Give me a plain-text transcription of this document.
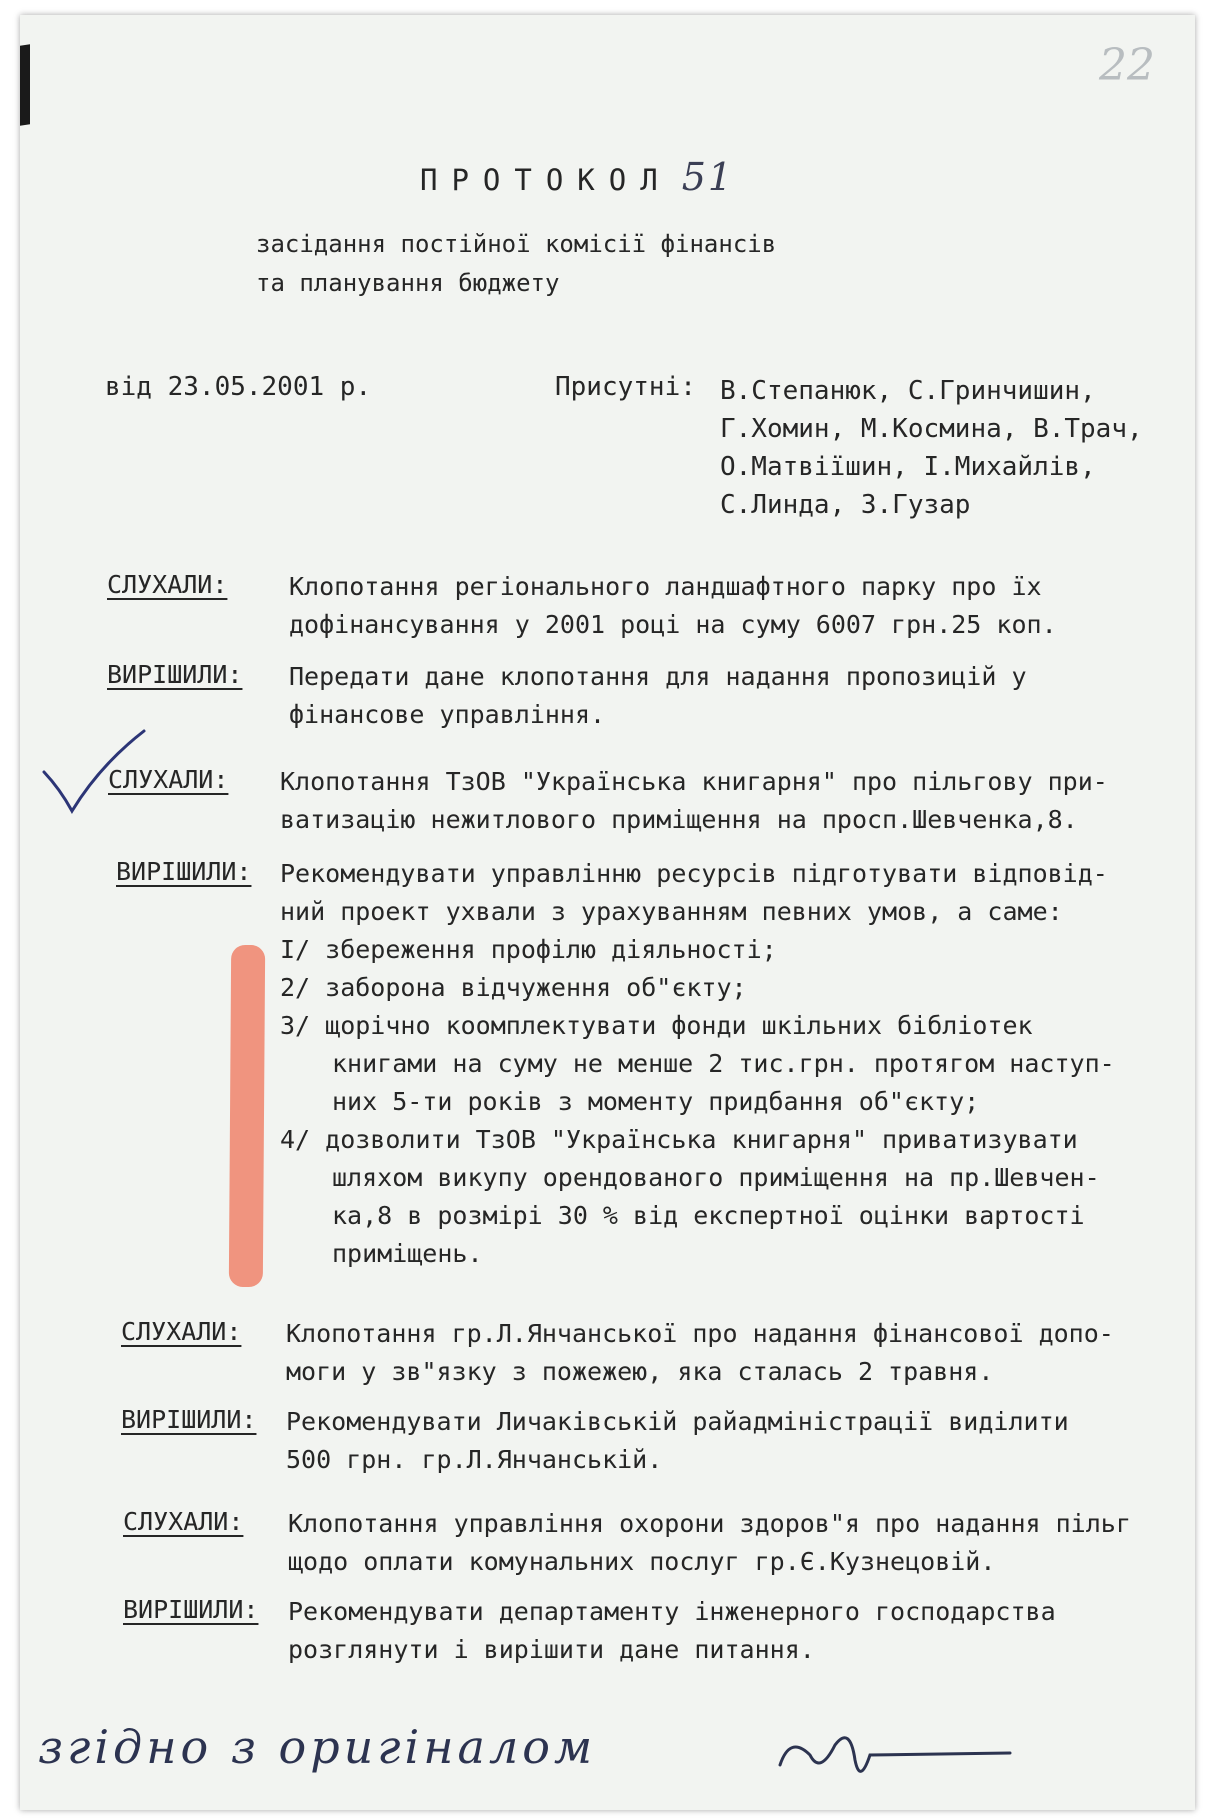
22
ПРОТОКОЛ 51
засідання постійної комісії фінансів
та планування бюджету
від 23.05.2001 р.	Присутні: В.Степанюк, С.Гринчишин,
Г.Хомин, М.Космина, В.Трач,
О.Матвіїшин, І.Михайлів,
С.Линда, З.Гузар
СЛУХАЛИ: Клопотання регіонального ландшафтного парку про їх
дофінансування у 2001 році на суму 6007 грн.25 коп.
ВИРІШИЛИ: Передати дане клопотання для надання пропозицій у
фінансове управління.
СЛУХАЛИ: Клопотання ТзОВ "Українська книгарня" про пільгову при-
ватизацію нежитлового приміщення на просп.Шевченка,8.
ВИРІШИЛИ: Рекомендувати управлінню ресурсів підготувати відповід-
ний проект ухвали з урахуванням певних умов, а саме:
І/ збереження профілю діяльності;
2/ заборона відчуження об"єкту;
3/ щорічно коомплектувати фонди шкільних бібліотек
книгами на суму не менше 2 тис.грн. протягом наступ-
них 5-ти років з моменту придбання об"єкту;
4/ дозволити ТзОВ "Українська книгарня" приватизувати
шляхом викупу орендованого приміщення на пр.Шевчен-
ка,8 в розмірі 30 % від експертної оцінки вартості
приміщень.
СЛУХАЛИ: Клопотання гр.Л.Янчанської про надання фінансової допо-
моги у зв"язку з пожежею, яка сталась 2 травня.
ВИРІШИЛИ: Рекомендувати Личаківській райадміністрації виділити
500 грн. гр.Л.Янчанській.
СЛУХАЛИ: Клопотання управління охорони здоров"я про надання пільг
щодо оплати комунальних послуг гр.Є.Кузнецовій.
ВИРІШИЛИ: Рекомендувати департаменту інженерного господарства
розглянути і вирішити дане питання.
згідно з оригіналом
